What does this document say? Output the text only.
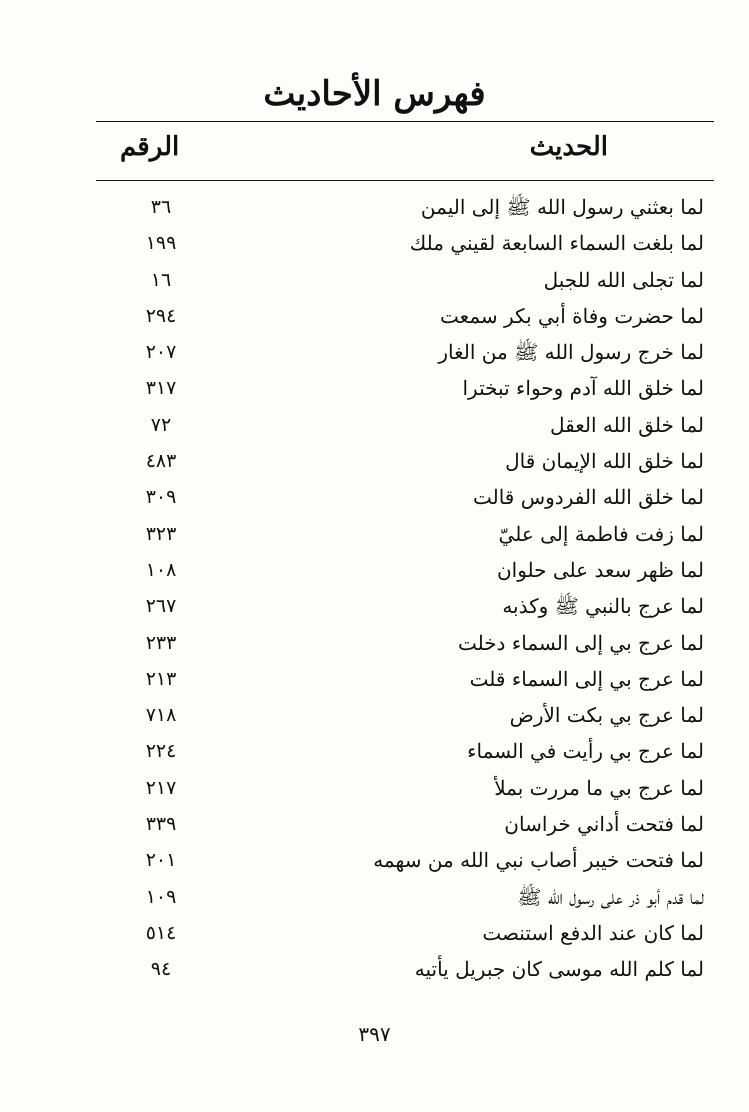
فهرس الأحاديث
الحديث
الرقم
لما بعثني رسول الله ﷺ إلى اليمن
٣٦
لما بلغت السماء السابعة لقيني ملك
١٩٩
لما تجلى الله للجبل
١٦
لما حضرت وفاة أبي بكر سمعت
٢٩٤
لما خرج رسول الله ﷺ من الغار
٢٠٧
لما خلق الله آدم وحواء تبخترا
٣١٧
لما خلق الله العقل
٧٢
لما خلق الله الإيمان قال
٤٨٣
لما خلق الله الفردوس قالت
٣٠٩
لما زفت فاطمة إلى عليّ
٣٢٣
لما ظهر سعد على حلوان
١٠٨
لما عرج بالنبي ﷺ وكذبه
٢٦٧
لما عرج بي إلى السماء دخلت
٢٣٣
لما عرج بي إلى السماء قلت
٢١٣
لما عرج بي بكت الأرض
٧١٨
لما عرج بي رأيت في السماء
٢٢٤
لما عرج بي ما مررت بملأ
٢١٧
لما فتحت أداني خراسان
٣٣٩
لما فتحت خيبر أصاب نبي الله من سهمه
٢٠١
لما قدم أبو ذر على رسول الله ﷺ
١٠٩
لما كان عند الدفع استنصت
٥١٤
لما كلم الله موسى كان جبريل يأتيه
٩٤
٣٩٧
